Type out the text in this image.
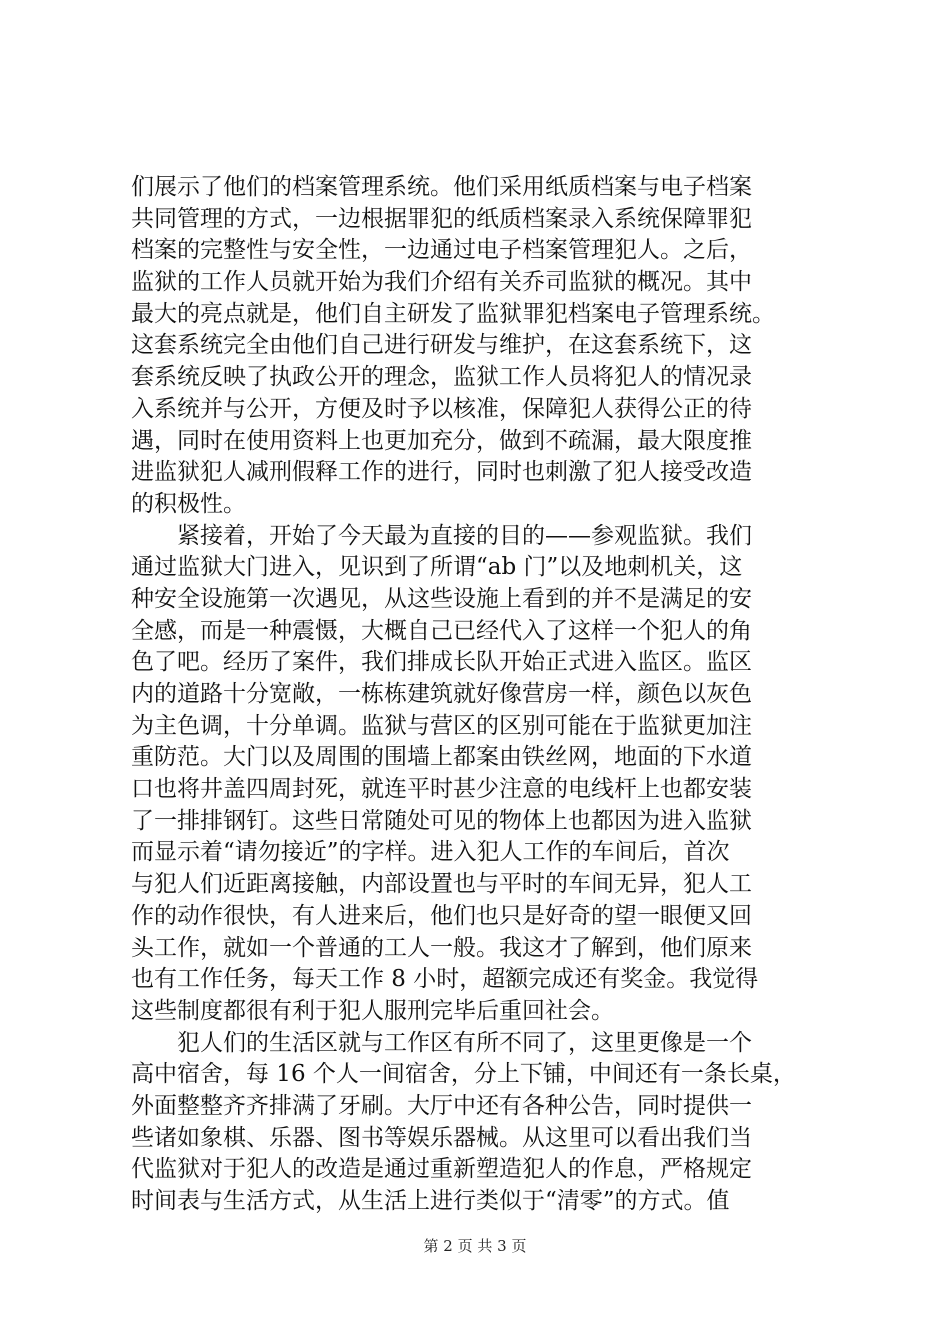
们展示了他们的档案管理系统。他们采用纸质档案与电子档案
共同管理的方式，一边根据罪犯的纸质档案录入系统保障罪犯
档案的完整性与安全性，一边通过电子档案管理犯人。之后，
监狱的工作人员就开始为我们介绍有关乔司监狱的概况。其中
最大的亮点就是，他们自主研发了监狱罪犯档案电子管理系统。
这套系统完全由他们自己进行研发与维护，在这套系统下，这
套系统反映了执政公开的理念，监狱工作人员将犯人的情况录
入系统并与公开，方便及时予以核准，保障犯人获得公正的待
遇，同时在使用资料上也更加充分，做到不疏漏，最大限度推
进监狱犯人减刑假释工作的进行，同时也刺激了犯人接受改造
的积极性。
紧接着，开始了今天最为直接的目的——参观监狱。我们
通过监狱大门进入，见识到了所谓“ab 门”以及地刺机关，这
种安全设施第一次遇见，从这些设施上看到的并不是满足的安
全感，而是一种震慑，大概自己已经代入了这样一个犯人的角
色了吧。经历了案件，我们排成长队开始正式进入监区。监区
内的道路十分宽敞，一栋栋建筑就好像营房一样，颜色以灰色
为主色调，十分单调。监狱与营区的区别可能在于监狱更加注
重防范。大门以及周围的围墙上都案由铁丝网，地面的下水道
口也将井盖四周封死，就连平时甚少注意的电线杆上也都安装
了一排排钢钉。这些日常随处可见的物体上也都因为进入监狱
而显示着“请勿接近”的字样。进入犯人工作的车间后，首次
与犯人们近距离接触，内部设置也与平时的车间无异，犯人工
作的动作很快，有人进来后，他们也只是好奇的望一眼便又回
头工作，就如一个普通的工人一般。我这才了解到，他们原来
也有工作任务，每天工作 8 小时，超额完成还有奖金。我觉得
这些制度都很有利于犯人服刑完毕后重回社会。
犯人们的生活区就与工作区有所不同了，这里更像是一个
高中宿舍，每 16 个人一间宿舍，分上下铺，中间还有一条长桌，
外面整整齐齐排满了牙刷。大厅中还有各种公告，同时提供一
些诸如象棋、乐器、图书等娱乐器械。从这里可以看出我们当
代监狱对于犯人的改造是通过重新塑造犯人的作息，严格规定
时间表与生活方式，从生活上进行类似于“清零”的方式。值
第 2 页 共 3 页
